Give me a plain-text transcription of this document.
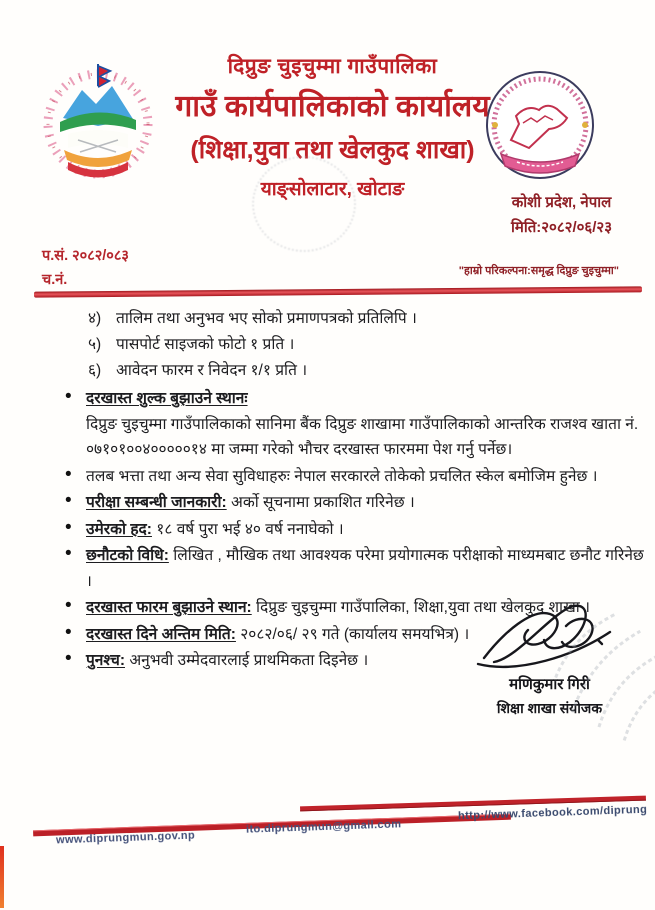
दिप्रुङ चुइचुम्मा गाउँपालिका
गाउँ कार्यपालिकाको कार्यालय
(शिक्षा,युवा तथा खेलकुद शाखा)
याङ्सोलाटार, खोटाङ
कोशी प्रदेश, नेपाल
मिति:२०८२/०६/२३
प.सं. २०८२/०८३
च.नं.
"हाम्रो परिकल्पना:समृद्ध दिप्रुङ चुइचुम्मा"
४) तालिम तथा अनुभव भए सोको प्रमाणपत्रको प्रतिलिपि ।
५) पासपोर्ट साइजको फोटो १ प्रति ।
६) आवेदन फारम र निवेदन १/१ प्रति ।
• दरखास्त शुल्क बुझाउने स्थानः
दिप्रुङ चुइचुम्मा गाउँपालिकाको सानिमा बैंक दिप्रुङ शाखामा गाउँपालिकाको आन्तरिक राजश्व खाता नं. ०७१०१००४०००००१४ मा जम्मा गरेको भौचर दरखास्त फारममा पेश गर्नु पर्नेछ।
• तलब भत्ता तथा अन्य सेवा सुविधाहरुः नेपाल सरकारले तोकेको प्रचलित स्केल बमोजिम हुनेछ ।
• परीक्षा सम्बन्धी जानकारी: अर्को सूचनामा प्रकाशित गरिनेछ ।
• उमेरको हद: १८ वर्ष पुरा भई ४० वर्ष ननाघेको ।
• छनौटको विधि: लिखित , मौखिक तथा आवश्यक परेमा प्रयोगात्मक परीक्षाको माध्यमबाट छनौट गरिनेछ ।
• दरखास्त फारम बुझाउने स्थान: दिप्रुङ चुइचुम्मा गाउँपालिका, शिक्षा,युवा तथा खेलकुद शाखा ।
• दरखास्त दिने अन्तिम मिति: २०८२/०६/ २९ गते (कार्यालय समयभित्र) ।
• पुनश्च: अनुभवी उम्मेदवारलाई प्राथमिकता दिइनेछ ।
मणिकुमार गिरी
शिक्षा शाखा संयोजक
www.diprungmun.gov.np
ito.diprungmun@gmail.com
http://www.facebook.com/diprung
